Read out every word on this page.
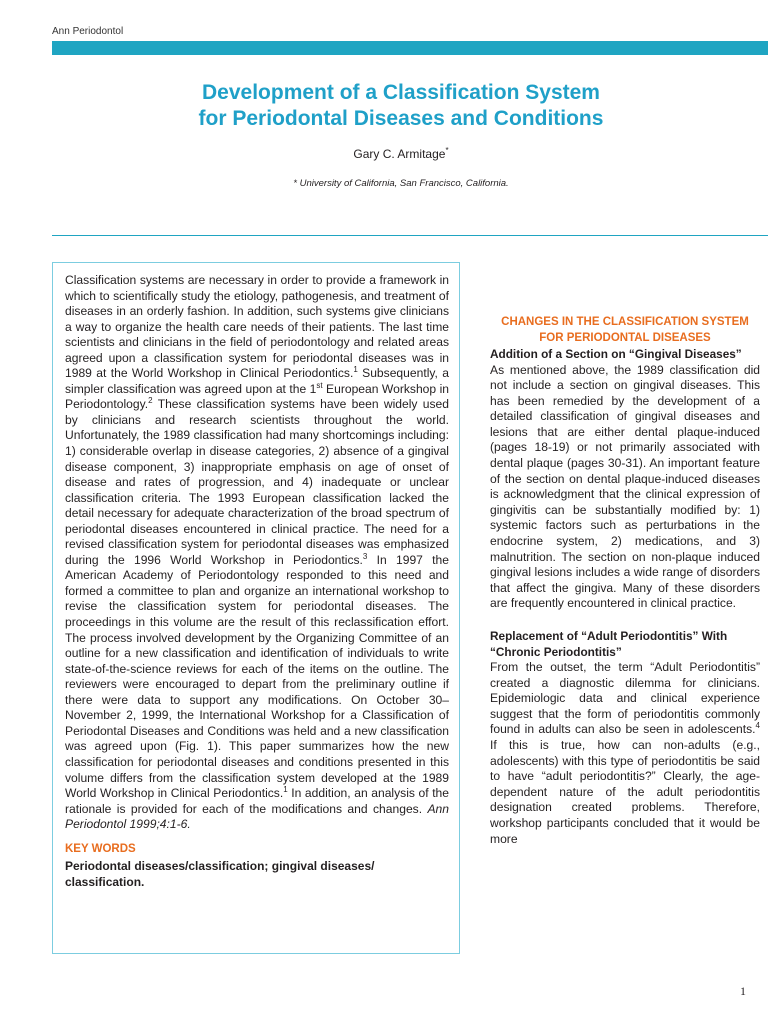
Ann Periodontol
Development of a Classification System
for Periodontal Diseases and Conditions
Gary C. Armitage*
* University of California, San Francisco, California.

Classification systems are necessary in order to provide a framework in which to scientifically study the etiology, pathogenesis, and treatment of diseases in an orderly fashion. In addition, such systems give clinicians a way to organize the health care needs of their patients. The last time scientists and clinicians in the field of periodontology and related areas agreed upon a classification system for periodontal diseases was in 1989 at the World Workshop in Clinical Periodontics.$^1$ Subsequently, a simpler classification was agreed upon at the 1st European Workshop in Periodontology.$^2$ These classification systems have been widely used by clinicians and research scientists throughout the world. Unfortunately, the 1989 classification had many shortcomings including: 1) considerable overlap in disease categories, 2) absence of a gingival disease component, 3) inappropriate emphasis on age of onset of disease and rates of progression, and 4) inadequate or unclear classification criteria. The 1993 European classification lacked the detail necessary for adequate characterization of the broad spectrum of periodontal diseases encountered in clinical practice. The need for a revised classification system for periodontal diseases was emphasized during the 1996 World Workshop in Periodontics.$^3$ In 1997 the American Academy of Periodontology responded to this need and formed a committee to plan and organize an international workshop to revise the classification system for periodontal diseases. The proceedings in this volume are the result of this reclassification effort. The process involved development by the Organizing Committee of an outline for a new classification and identification of individuals to write state-of-the-science reviews for each of the items on the outline. The reviewers were encouraged to depart from the preliminary outline if there were data to support any modifications. On October 30–November 2, 1999, the International Workshop for a Classification of Periodontal Diseases and Conditions was held and a new classification was agreed upon (Fig. 1). This paper summarizes how the new classification for periodontal diseases and conditions presented in this volume differs from the classification system developed at the 1989 World Workshop in Clinical Periodontics.$^1$ In addition, an analysis of the rationale is provided for each of the modifications and changes. Ann Periodontol 1999;4:1-6.

KEY WORDS

Periodontal diseases/classification; gingival diseases/ classification.

CHANGES IN THE CLASSIFICATION SYSTEM FOR PERIODONTAL DISEASES
Addition of a Section on “Gingival Diseases”

As mentioned above, the 1989 classification did not include a section on gingival diseases. This has been remedied by the development of a detailed classification of gingival diseases and lesions that are either dental plaque-induced (pages 18-19) or not primarily associated with dental plaque (pages 30-31). An important feature of the section on dental plaque-induced diseases is acknowledgment that the clinical expression of gingivitis can be substantially modified by: 1) systemic factors such as perturbations in the endocrine system, 2) medications, and 3) malnutrition. The section on non-plaque induced gingival lesions includes a wide range of disorders that affect the gingiva. Many of these disorders are frequently encountered in clinical practice.

Replacement of “Adult Periodontitis” With “Chronic Periodontitis”

From the outset, the term “Adult Periodontitis” created a diagnostic dilemma for clinicians. Epidemiologic data and clinical experience suggest that the form of periodontitis commonly found in adults can also be seen in adolescents.$^4$ If this is true, how can non-adults (e.g., adolescents) with this type of periodontitis be said to have “adult periodontitis?” Clearly, the age-dependent nature of the adult periodontitis designation created problems. Therefore, workshop participants concluded that it would be more

1
